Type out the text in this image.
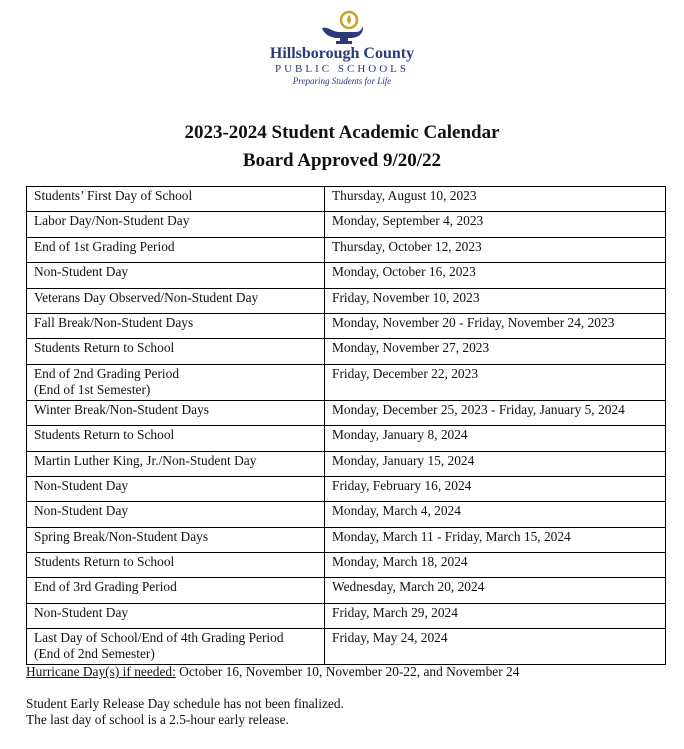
Hillsborough County
PUBLIC SCHOOLS
Preparing Students for Life
2023-2024 Student Academic Calendar
Board Approved 9/20/22
Students’ First Day of School	Thursday, August 10, 2023

Labor Day/Non-Student Day	Monday, September 4, 2023

End of 1st Grading Period	Thursday, October 12, 2023

Non-Student Day	Monday, October 16, 2023

Veterans Day Observed/Non-Student Day	Friday, November 10, 2023

Fall Break/Non-Student Days	Monday, November 20 - Friday, November 24, 2023

Students Return to School	Monday, November 27, 2023

End of 2nd Grading Period
(End of 1st Semester)	Friday, December 22, 2023

Winter Break/Non-Student Days	Monday, December 25, 2023 - Friday, January 5, 2024

Students Return to School	Monday, January 8, 2024

Martin Luther King, Jr./Non-Student Day	Monday, January 15, 2024

Non-Student Day	Friday, February 16, 2024

Non-Student Day	Monday, March 4, 2024

Spring Break/Non-Student Days	Monday, March 11 - Friday, March 15, 2024

Students Return to School	Monday, March 18, 2024

End of 3rd Grading Period	Wednesday, March 20, 2024

Non-Student Day	Friday, March 29, 2024

Last Day of School/End of 4th Grading Period
(End of 2nd Semester)	Friday, May 24, 2024

Hurricane Day(s) if needed: October 16, November 10, November 20-22, and November 24

Student Early Release Day schedule has not been finalized.
The last day of school is a 2.5-hour early release.
